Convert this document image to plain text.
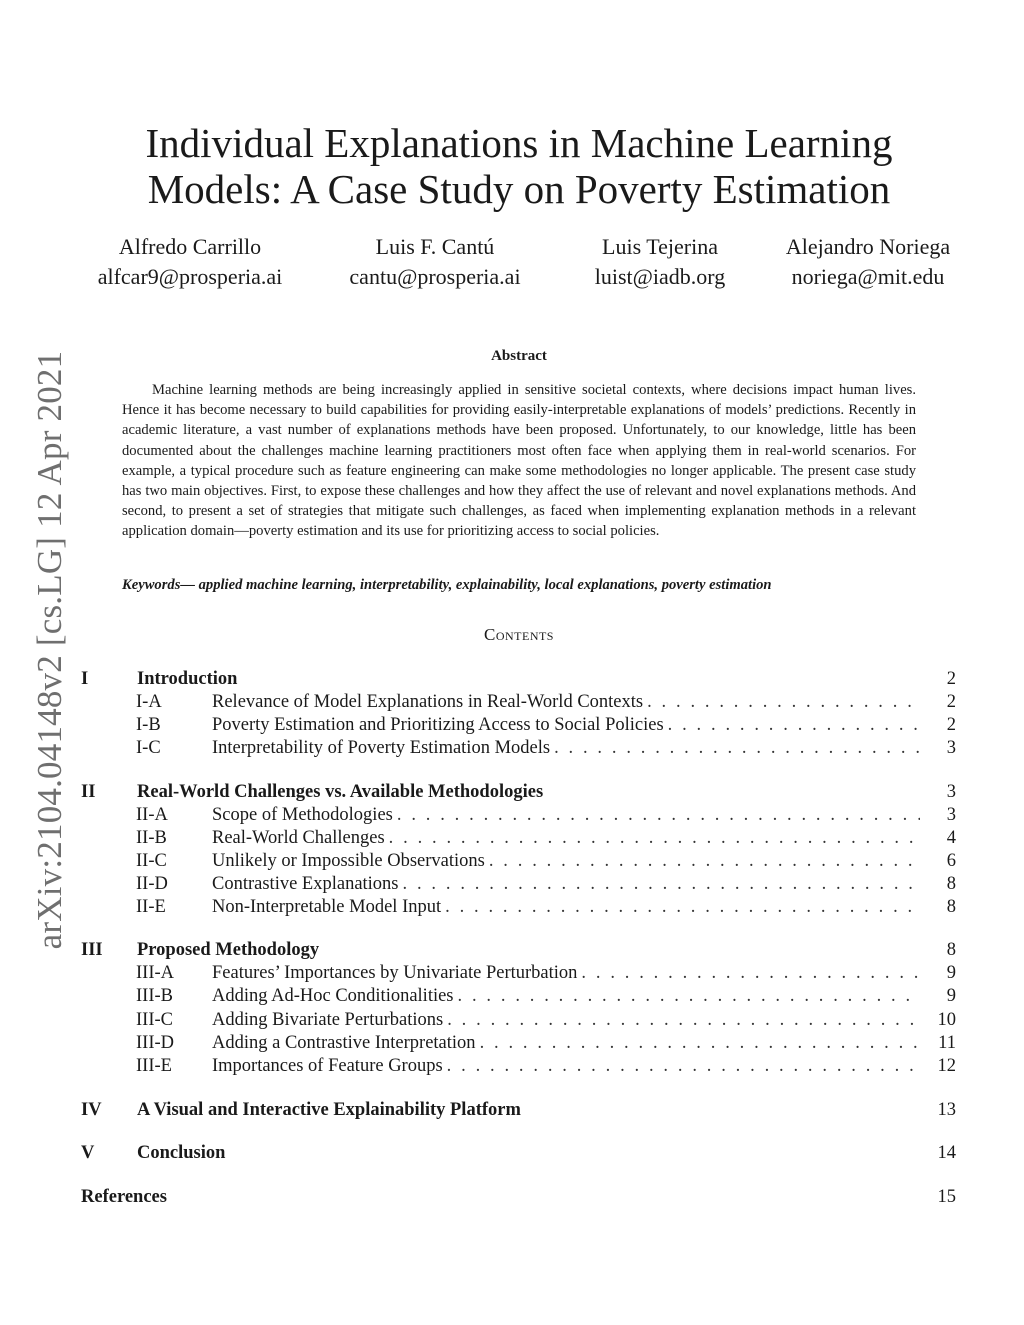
arXiv:2104.04148v2 [cs.LG] 12 Apr 2021
Individual Explanations in Machine Learning
Models: A Case Study on Poverty Estimation
Alfredo Carrillo
alfcar9@prosperia.ai
Luis F. Cantú
cantu@prosperia.ai
Luis Tejerina
luist@iadb.org
Alejandro Noriega
noriega@mit.edu
Abstract

Machine learning methods are being increasingly applied in sensitive societal contexts, where decisions impact human lives. Hence it has become necessary to build capabilities for providing easily-interpretable explanations of models’ predictions. Recently in academic literature, a vast number of explanations methods have been proposed. Unfortunately, to our knowledge, little has been documented about the challenges machine learning practitioners most often face when applying them in real-world scenarios. For example, a typical procedure such as feature engineering can make some methodologies no longer applicable. The present case study has two main objectives. First, to expose these challenges and how they affect the use of relevant and novel explanations methods. And second, to present a set of strategies that mitigate such challenges, as faced when implementing explanation methods in a relevant application domain—poverty estimation and its use for prioritizing access to social policies.

Keywords— applied machine learning, interpretability, explainability, local explanations, poverty estimation

Contents
I	Introduction	2
I-A	Relevance of Model Explanations in Real-World Contexts . . .	2
I-B	Poverty Estimation and Prioritizing Access to Social Policies . . .	2
I-C	Interpretability of Poverty Estimation Models . . .	3
II Real-World Challenges vs. Available Methodologies	3
II-A Scope of Methodologies . . .	3
II-B Real-World Challenges . . .	4
II-C Unlikely or Impossible Observations . . .	6
II-D Contrastive Explanations . . .	8
II-E Non-Interpretable Model Input . . .	8
III Proposed Methodology	8
III-A Features’ Importances by Univariate Perturbation . . .	9
III-B Adding Ad-Hoc Conditionalities . . .	9
III-C Adding Bivariate Perturbations . . .	10
III-D Adding a Contrastive Interpretation . . .	11
III-E Importances of Feature Groups . . .	12
IV A Visual and Interactive Explainability Platform	13
V Conclusion	14
References	15
